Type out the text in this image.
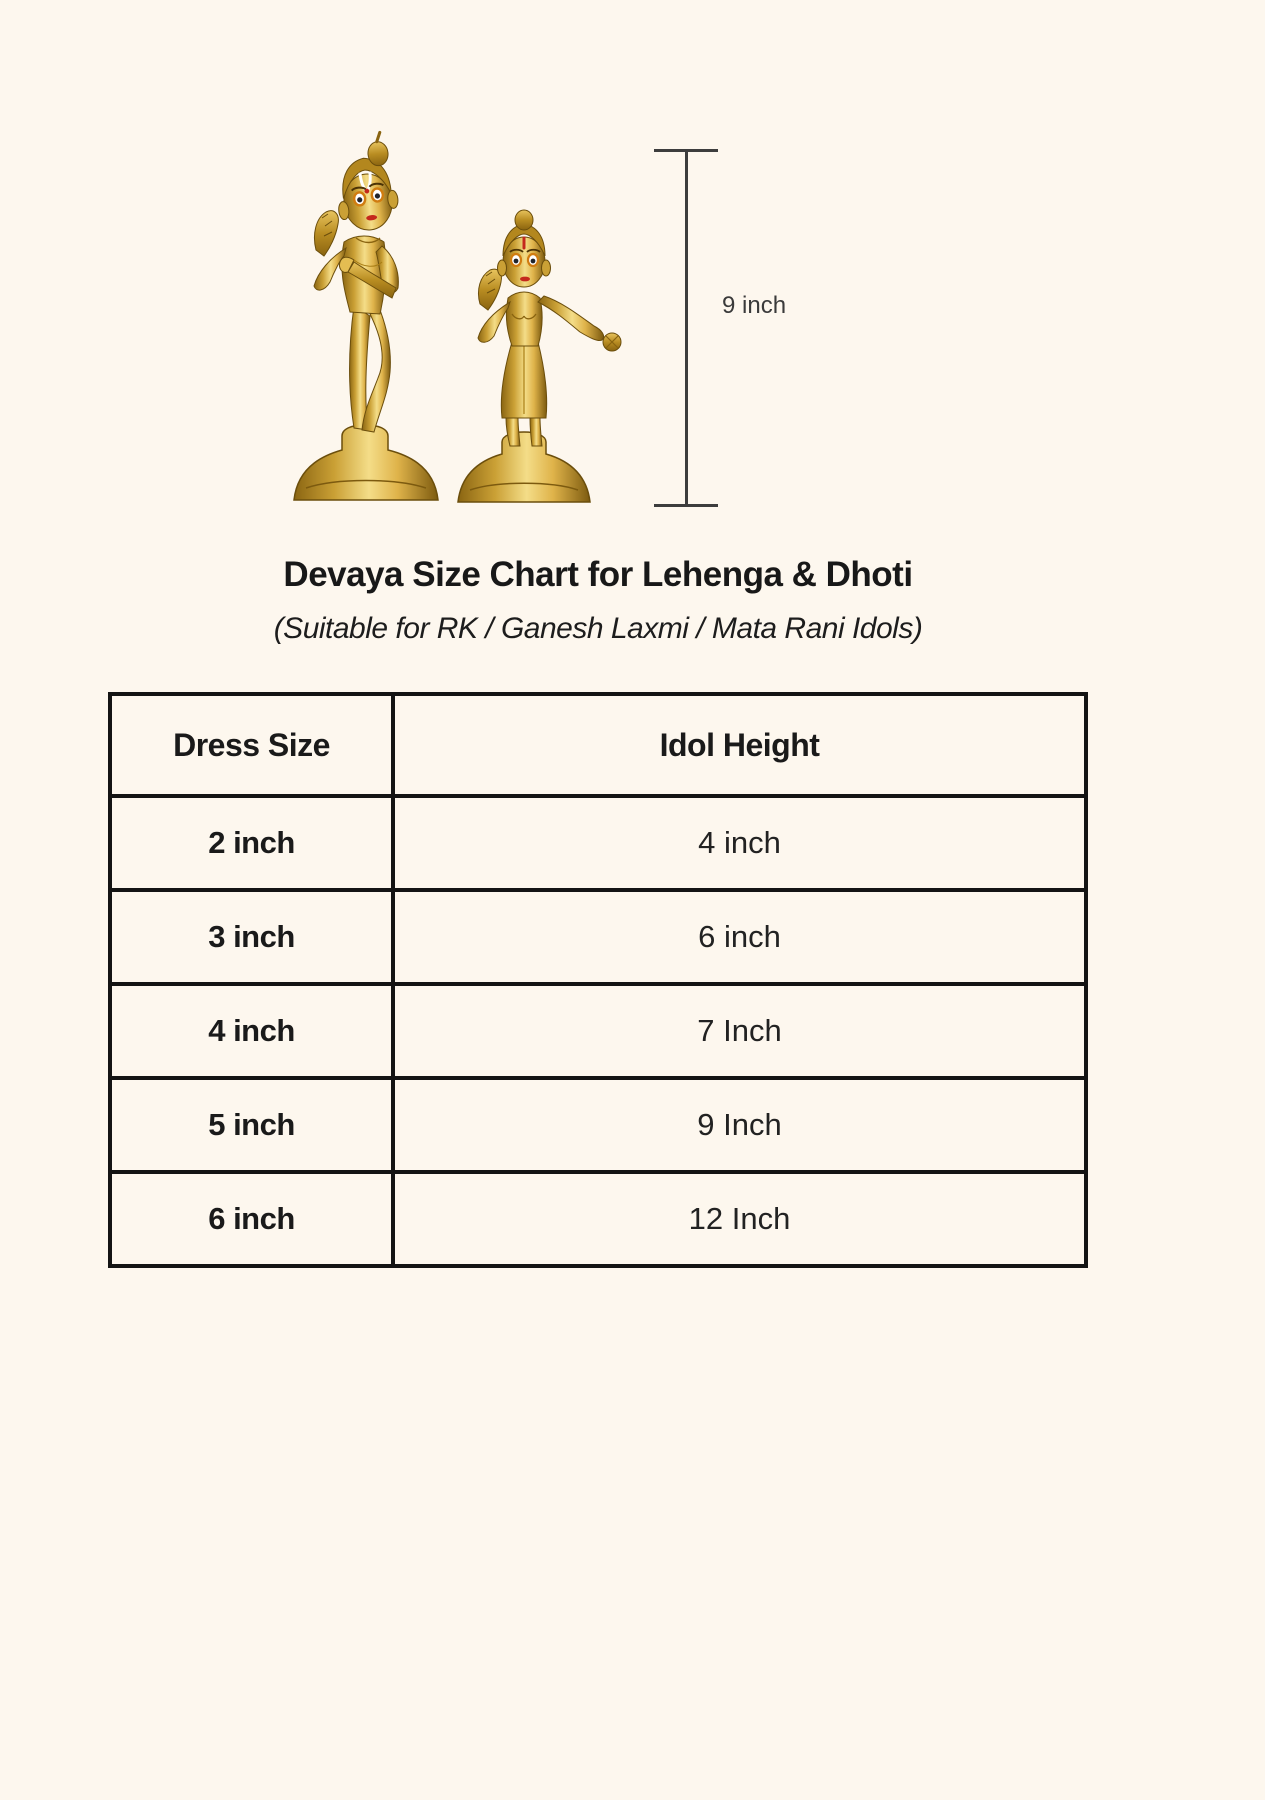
9 inch
Devaya Size Chart for Lehenga & Dhoti
(Suitable for RK / Ganesh Laxmi / Mata Rani Idols)
Dress Size	Idol Height
2 inch	4 inch
3 inch	6 inch
4 inch	7 Inch
5 inch	9 Inch
6 inch	12 Inch
